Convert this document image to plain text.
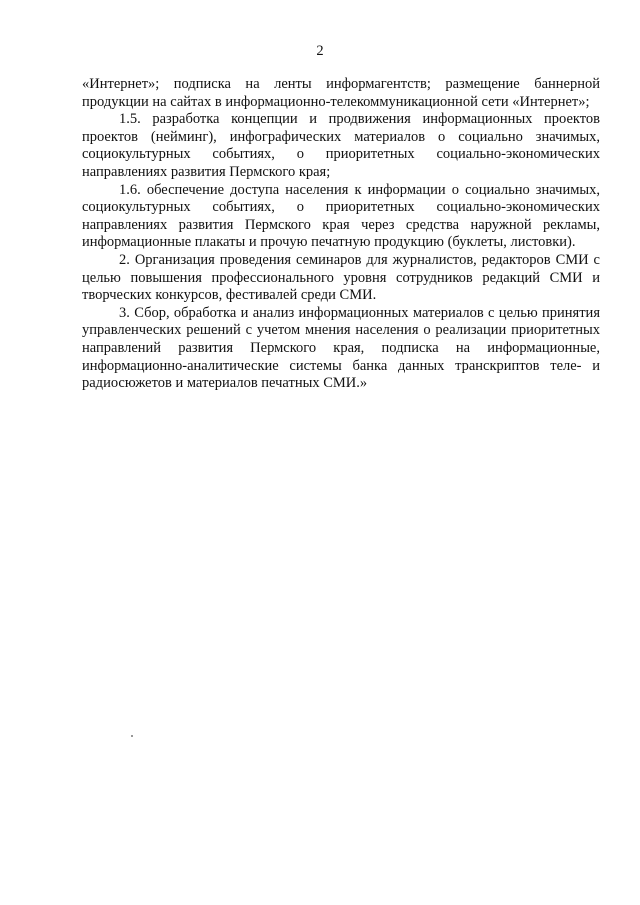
2

«Интернет»; подписка на ленты информагентств; размещение баннерной продукции на сайтах в информационно-телекоммуникационной сети «Интернет»;

1.5. разработка концепции и продвижения информационных проектов проектов (нейминг), инфографических материалов о социально значимых, социокультурных событиях, о приоритетных социально-экономических направлениях развития Пермского края;

1.6. обеспечение доступа населения к информации о социально значимых, социокультурных событиях, о приоритетных социально-экономических направлениях развития Пермского края через средства наружной рекламы, информационные плакаты и прочую печатную продукцию (буклеты, листовки).

2. Организация проведения семинаров для журналистов, редакторов СМИ с целью повышения профессионального уровня сотрудников редакций СМИ и творческих конкурсов, фестивалей среди СМИ.

3. Сбор, обработка и анализ информационных материалов с целью принятия управленческих решений с учетом мнения населения о реализации приоритетных направлений развития Пермского края, подписка на информационные, информационно-аналитические системы банка данных транскриптов теле- и радиосюжетов и материалов печатных СМИ.»
